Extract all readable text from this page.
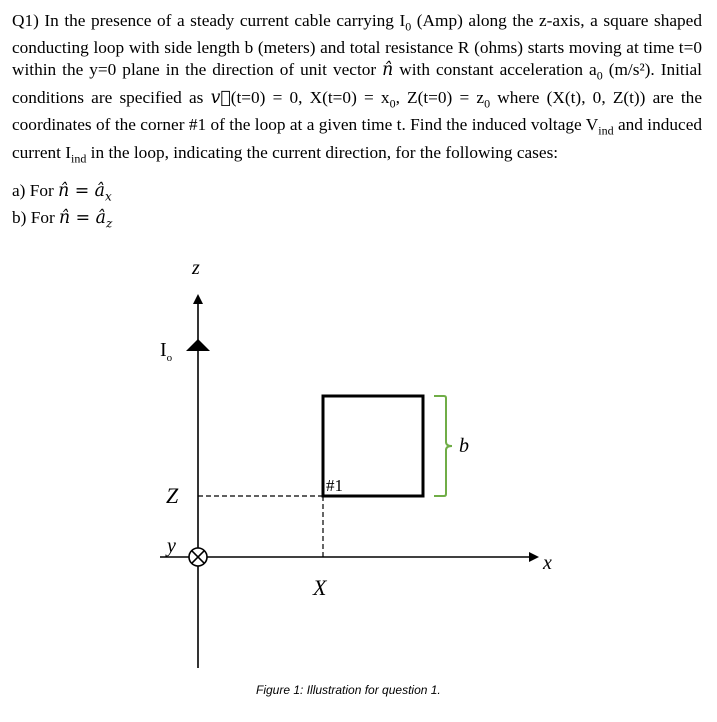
Q1) In the presence of a steady current cable carrying $I_0$ (Amp) along the z-axis, a square shaped conducting loop with side length b (meters) and total resistance R (ohms) starts moving at time t=0 within the y=0 plane in the direction of unit vector n̂ with constant acceleration $a_0$ (m/s²). Initial conditions are specified as v⃗(t=0) = 0, $X(t=0) = x_0$, $Z(t=0) = z_0$ where (X(t), 0, Z(t)) are the coordinates of the corner #1 of the loop at a given time t. Find the induced voltage $V_{ind}$ and induced current $I_{ind}$ in the loop, indicating the current direction, for the following cases:

a) For n̂ = $â_x$
b) For n̂ = $â_z$
z
$I_o$
x
y
Z
X
#1
b
Figure 1: Illustration for question 1.
